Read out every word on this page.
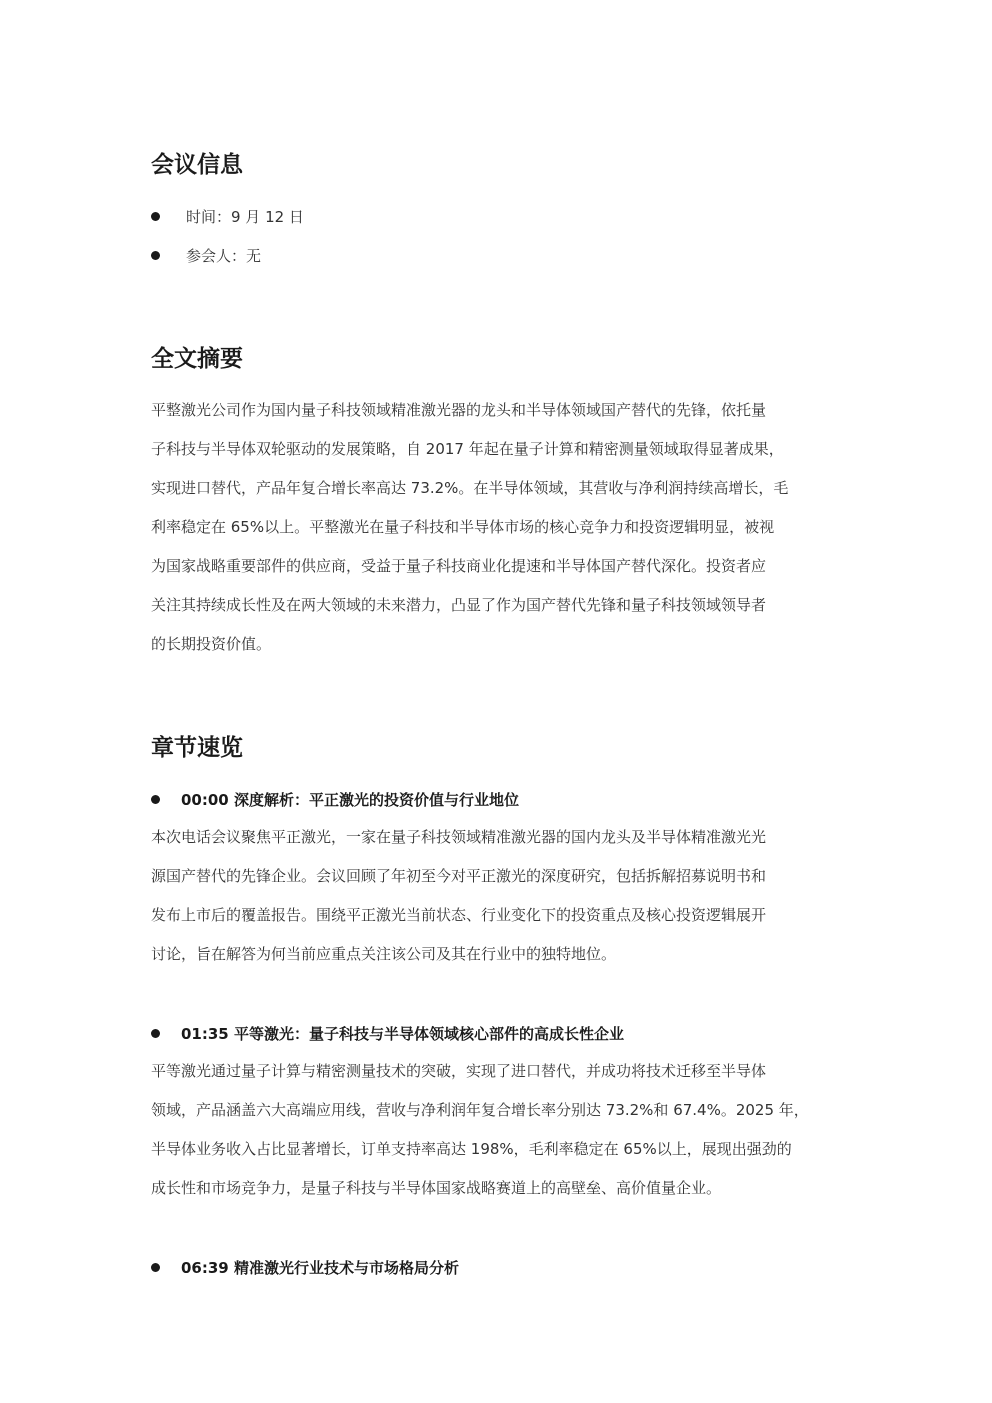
会议信息
时间：9 月 12 日
参会人：无
全文摘要
平整激光公司作为国内量子科技领域精准激光器的龙头和半导体领域国产替代的先锋，依托量
子科技与半导体双轮驱动的发展策略，自 2017 年起在量子计算和精密测量领域取得显著成果，
实现进口替代，产品年复合增长率高达 73.2%。在半导体领域，其营收与净利润持续高增长，毛
利率稳定在 65%以上。平整激光在量子科技和半导体市场的核心竞争力和投资逻辑明显，被视
为国家战略重要部件的供应商，受益于量子科技商业化提速和半导体国产替代深化。投资者应
关注其持续成长性及在两大领域的未来潜力，凸显了作为国产替代先锋和量子科技领域领导者
的长期投资价值。
章节速览
00:00 深度解析：平正激光的投资价值与行业地位
本次电话会议聚焦平正激光，一家在量子科技领域精准激光器的国内龙头及半导体精准激光光
源国产替代的先锋企业。会议回顾了年初至今对平正激光的深度研究，包括拆解招募说明书和
发布上市后的覆盖报告。围绕平正激光当前状态、行业变化下的投资重点及核心投资逻辑展开
讨论，旨在解答为何当前应重点关注该公司及其在行业中的独特地位。
01:35 平等激光：量子科技与半导体领域核心部件的高成长性企业
平等激光通过量子计算与精密测量技术的突破，实现了进口替代，并成功将技术迁移至半导体
领域，产品涵盖六大高端应用线，营收与净利润年复合增长率分别达 73.2%和 67.4%。2025 年，
半导体业务收入占比显著增长，订单支持率高达 198%，毛利率稳定在 65%以上，展现出强劲的
成长性和市场竞争力，是量子科技与半导体国家战略赛道上的高壁垒、高价值量企业。
06:39 精准激光行业技术与市场格局分析
